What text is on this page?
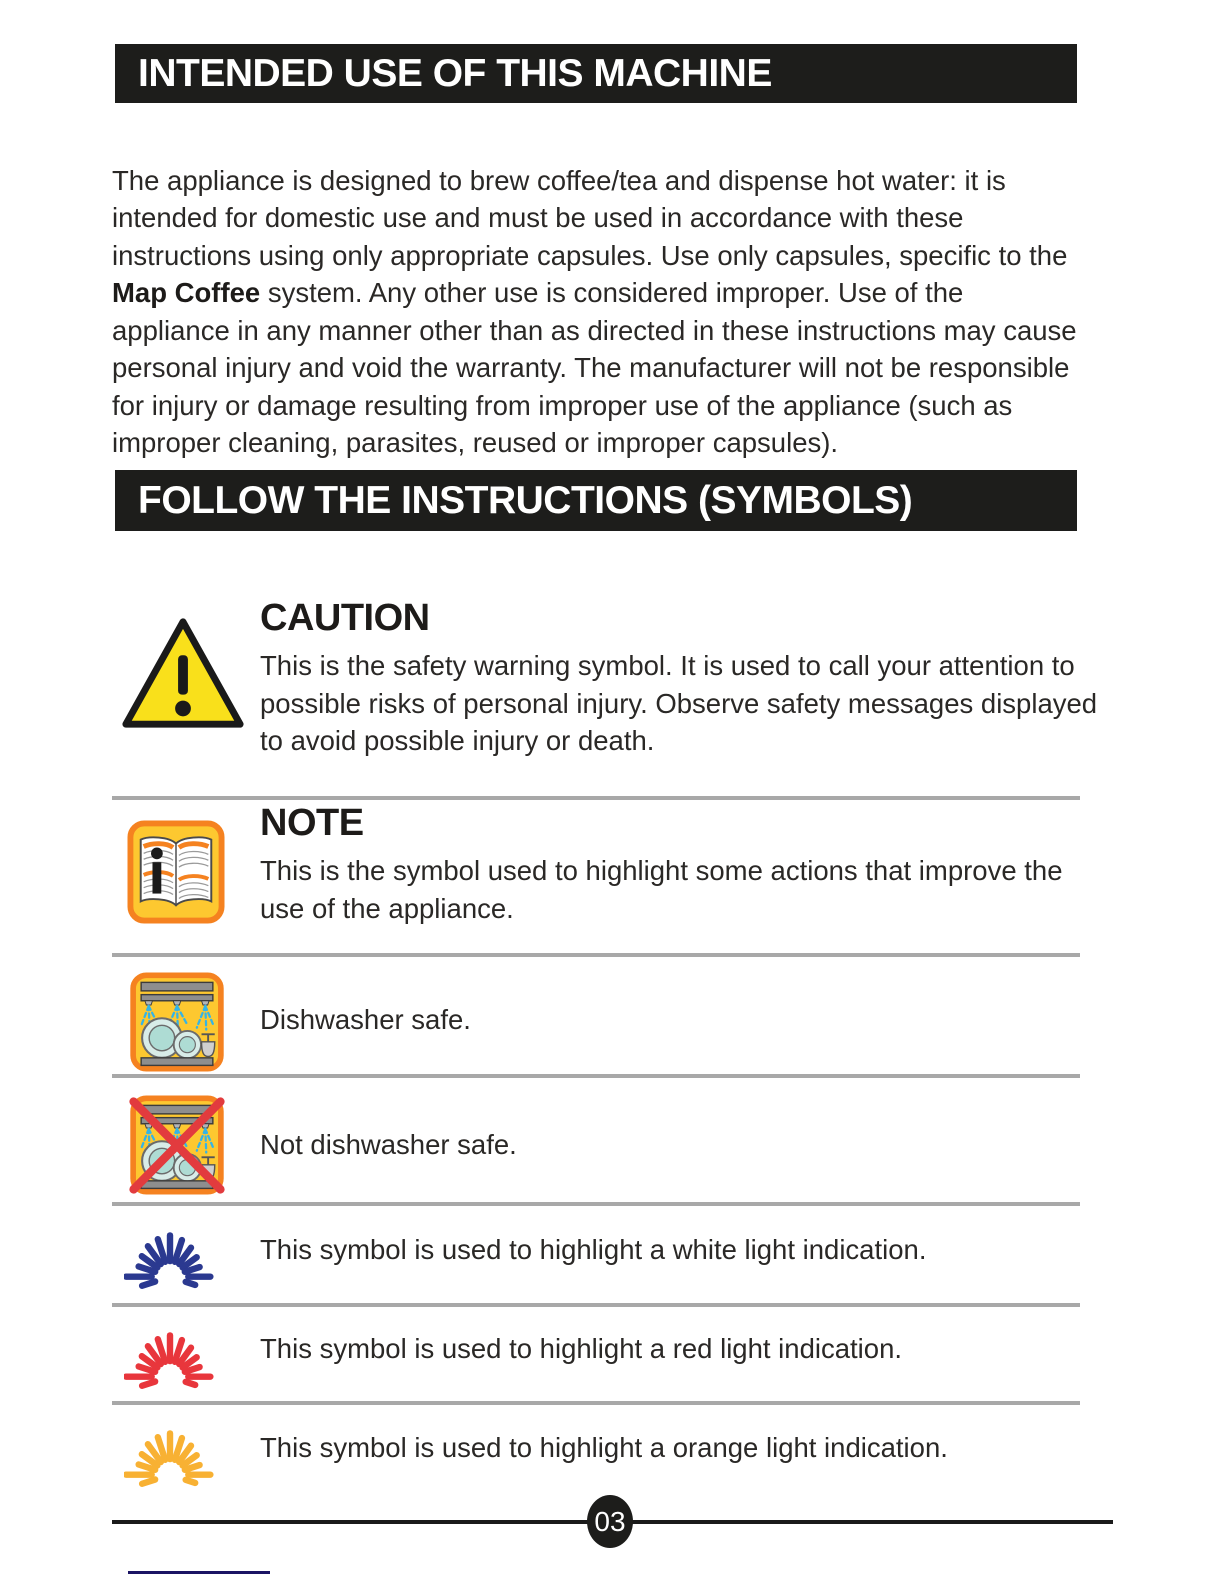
INTENDED USE OF THIS MACHINE

The appliance is designed to brew coffee/tea and dispense hot water: it is intended for domestic use and must be used in accordance with these instructions using only appropriate capsules. Use only capsules, specific to the Map Coffee system. Any other use is considered improper. Use of the appliance in any manner other than as directed in these instructions may cause personal injury and void the warranty. The manufacturer will not be responsible for injury or damage resulting from improper use of the appliance (such as improper cleaning, parasites, reused or improper capsules).

FOLLOW THE INSTRUCTIONS (SYMBOLS)
CAUTION
This is the safety warning symbol. It is used to call your attention to possible risks of personal injury. Observe safety messages displayed to avoid possible injury or death.
NOTE
This is the symbol used to highlight some actions that improve the use of the appliance.
Dishwasher safe.
Not dishwasher safe.
This symbol is used to highlight a white light indication.
This symbol is used to highlight a red light indication.
This symbol is used to highlight a orange light indication.
03
